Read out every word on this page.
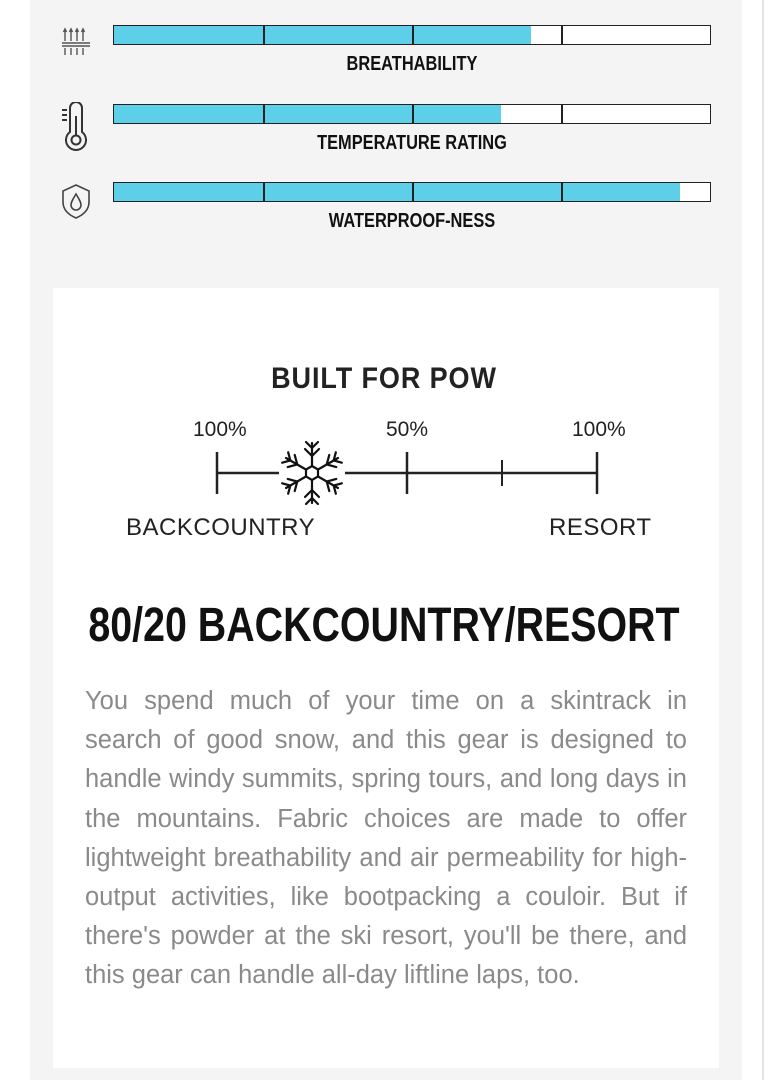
BREATHABILITY
TEMPERATURE RATING
WATERPROOF-NESS
BUILT FOR POW
100%	50%	100%
BACKCOUNTRY	RESORT
80/20 BACKCOUNTRY/RESORT
You spend much of your time on a skintrack in search of good snow, and this gear is designed to handle windy summits, spring tours, and long days in the mountains. Fabric choices are made to offer lightweight breathability and air permeability for high-output activities, like bootpacking a couloir. But if there's powder at the ski resort, you'll be there, and this gear can handle all-day liftline laps, too.
